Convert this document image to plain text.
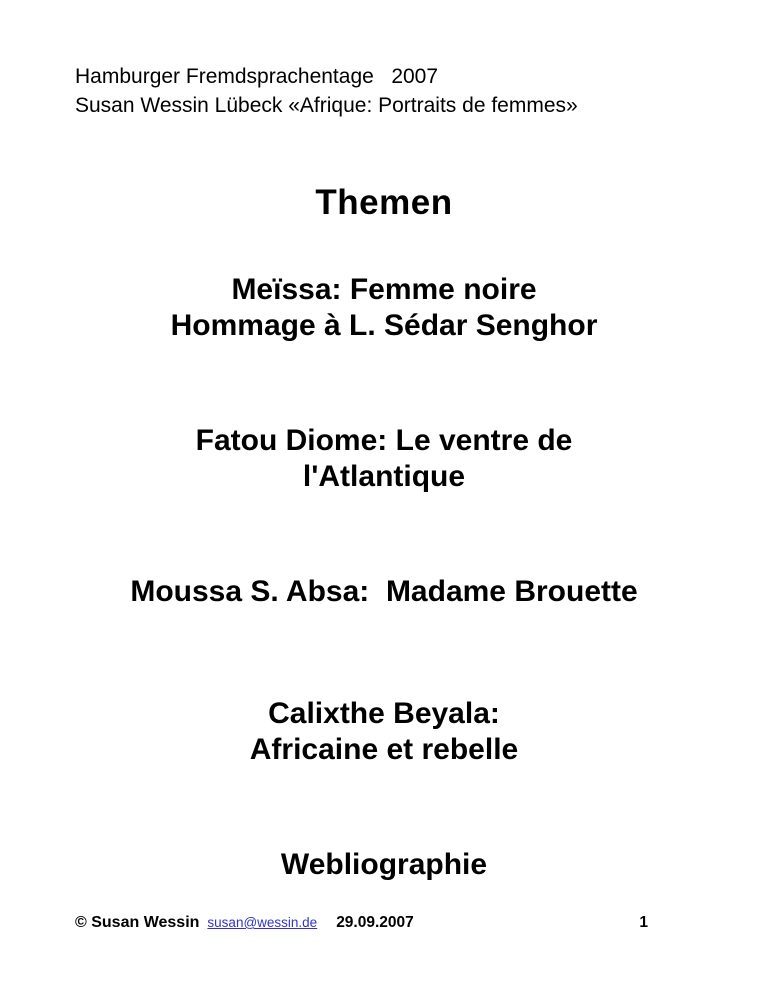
Hamburger Fremdsprachentage   2007
Susan Wessin Lübeck «Afrique: Portraits de femmes»
Themen
Meïssa: Femme noire
Hommage à L. Sédar Senghor
Fatou Diome: Le ventre de
l'Atlantique
Moussa S. Absa:  Madame Brouette
Calixthe Beyala:
Africaine et rebelle
Webliographie
© Susan Wessin susan@wessin.de 29.09.2007	1
